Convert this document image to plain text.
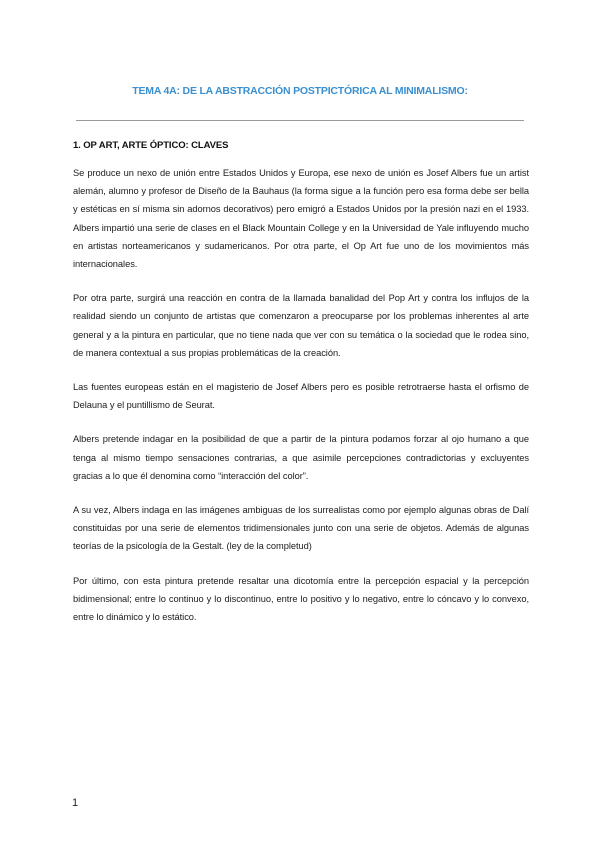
TEMA 4A: DE LA ABSTRACCIÓN POSTPICTÓRICA AL MINIMALISMO:
1. OP ART, ARTE ÓPTICO: CLAVES

Se produce un nexo de unión entre Estados Unidos y Europa, ese nexo de unión es Josef Albers fue un artist alemán, alumno y profesor de Diseño de la Bauhaus (la forma sigue a la función pero esa forma debe ser bella y estéticas en sí misma sin adornos decorativos) pero emigró a Estados Unidos por la presión nazi en el 1933. Albers impartió una serie de clases en el Black Mountain College y en la Universidad de Yale influyendo mucho en artistas norteamericanos y sudamericanos. Por otra parte, el Op Art fue uno de los movimientos más internacionales.

Por otra parte, surgirá una reacción en contra de la llamada banalidad del Pop Art y contra los influjos de la realidad siendo un conjunto de artistas que comenzaron a preocuparse por los problemas inherentes al arte general y a la pintura en particular, que no tiene nada que ver con su temática o la sociedad que le rodea sino, de manera contextual a sus propias problemáticas de la creación.

Las fuentes europeas están en el magisterio de Josef Albers pero es posible retrotraerse hasta el orfismo de Delauna y el puntillismo de Seurat.

Albers pretende indagar en la posibilidad de que a partir de la pintura podamos forzar al ojo humano a que tenga al mismo tiempo sensaciones contrarias, a que asimile percepciones contradictorias y excluyentes gracias a lo que él denomina como “interacción del color”.

A su vez, Albers indaga en las imágenes ambiguas de los surrealistas como por ejemplo algunas obras de Dalí constituidas por una serie de elementos tridimensionales junto con una serie de objetos. Además de algunas teorías de la psicología de la Gestalt. (ley de la completud)

Por último, con esta pintura pretende resaltar una dicotomía entre la percepción espacial y la percepción bidimensional; entre lo continuo y lo discontinuo, entre lo positivo y lo negativo, entre lo cóncavo y lo convexo, entre lo dinámico y lo estático.

1
